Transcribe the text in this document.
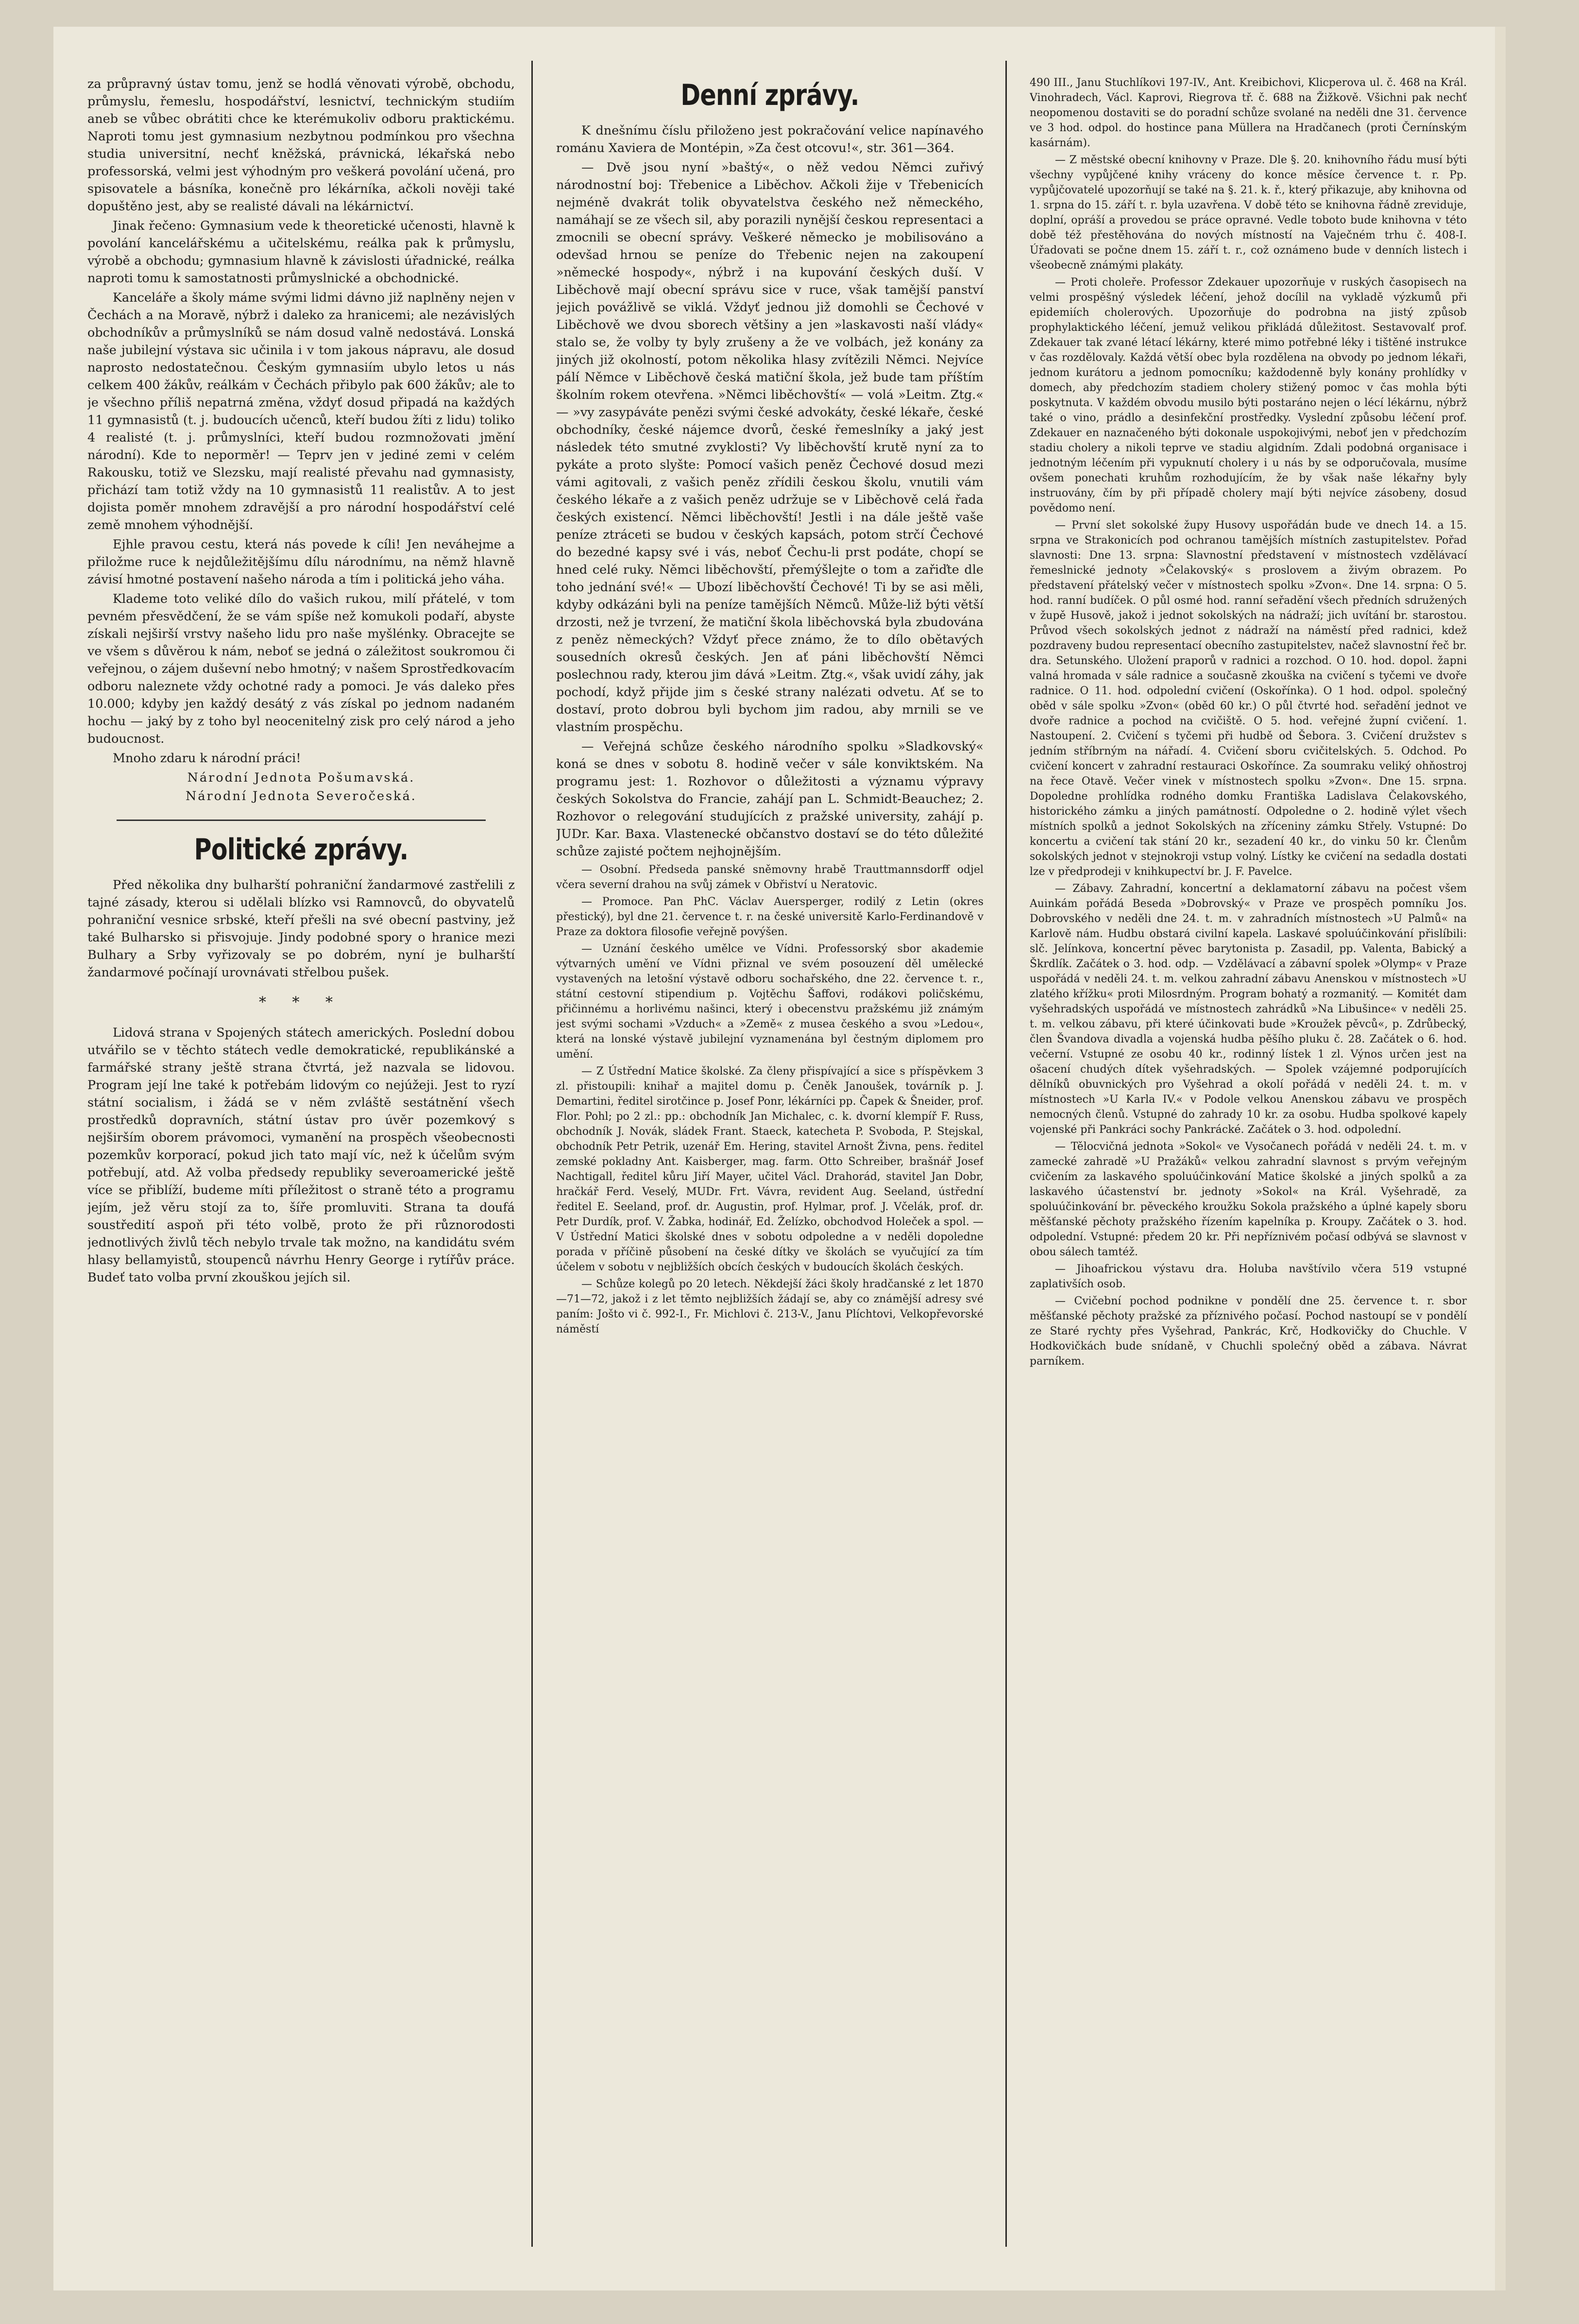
za průpravný ústav tomu, jenž se hodlá věnovati výrobě, obchodu, průmyslu, řemeslu, hospodářství, lesnictví, technickým studiím aneb se vůbec obrátiti chce ke kterémukoliv odboru praktickému. Naproti tomu jest gymnasium nezbytnou podmínkou pro všechna studia universitní, nechť kněžská, právnická, lékařská nebo professorská, velmi jest výhodným pro veškerá povolání učená, pro spisovatele a básníka, konečně pro lékárníka, ačkoli nověji také dopuštěno jest, aby se realisté dávali na lékárnictví.

Jinak řečeno: Gymnasium vede k theoretické učenosti, hlavně k povolání kancelářskému a učitelskému, reálka pak k průmyslu, výrobě a obchodu; gymnasium hlavně k závislosti úřadnické, reálka naproti tomu k samostatnosti průmyslnické a obchodnické.

Kanceláře a školy máme svými lidmi dávno již naplněny nejen v Čechách a na Moravě, nýbrž i daleko za hranicemi; ale nezávislých obchodníkův a průmyslníků se nám dosud valně nedostává. Lonská naše jubilejní výstava sic učinila i v tom jakous nápravu, ale dosud naprosto nedostatečnou. Českým gymnasiím ubylo letos u nás celkem 400 žákův, reálkám v Čechách přibylo pak 600 žákův; ale to je všechno příliš nepatrná změna, vždyť dosud připadá na každých 11 gymnasistů (t. j. budoucích učenců, kteří budou žíti z lidu) toliko 4 realisté (t. j. průmyslníci, kteří budou rozmnožovati jmění národní). Kde to neporměr! — Teprv jen v jediné zemi v celém Rakousku, totiž ve Slezsku, mají realisté převahu nad gymnasisty, přichází tam totiž vždy na 10 gymnasistů 11 realistův. A to jest dojista poměr mnohem zdravější a pro národní hospodářství celé země mnohem výhodnější.

Ejhle pravou cestu, která nás povede k cíli! Jen neváhejme a přiložme ruce k nejdůležitějšímu dílu národnímu, na němž hlavně závisí hmotné postavení našeho národa a tím i politická jeho váha.

Klademe toto veliké dílo do vašich rukou, milí přátelé, v tom pevném přesvědčení, že se vám spíše než komukoli podaří, abyste získali nejširší vrstvy našeho lidu pro naše myšlénky. Obracejte se ve všem s důvěrou k nám, neboť se jedná o záležitost soukromou či veřejnou, o zájem duševní nebo hmotný; v našem Sprostředkovacím odboru naleznete vždy ochotné rady a pomoci. Je vás daleko přes 10.000; kdyby jen každý desátý z vás získal po jednom nadaném hochu — jaký by z toho byl neocenitelný zisk pro celý národ a jeho budoucnost.

Mnoho zdaru k národní práci!

Národní Jednota Pošumavská.

Národní Jednota Severočeská.

Politické zprávy.

Před několika dny bulharští pohraniční žandarmové zastřelili z tajné zásady, kterou si udělali blízko vsi Ramnovců, do obyvatelů pohraniční vesnice srbské, kteří přešli na své obecní pastviny, jež také Bulharsko si přisvojuje. Jindy podobné spory o hranice mezi Bulhary a Srby vyřizovaly se po dobrém, nyní je bulharští žandarmové počínají urovnávati střelbou pušek.

* * *

Lidová strana v Spojených státech amerických. Poslední dobou utvářilo se v těchto státech vedle demokratické, republikánské a farmářské strany ještě strana čtvrtá, jež nazvala se lidovou. Program její lne také k potřebám lidovým co nejúžeji. Jest to ryzí státní socialism, i žádá se v něm zvláště sestátnění všech prostředků dopravních, státní ústav pro úvěr pozemkový s nejširším oborem právomoci, vymanění na prospěch všeobecnosti pozemkův korporací, pokud jich tato mají víc, než k účelům svým potřebují, atd. Až volba předsedy republiky severoamerické ještě více se přiblíží, budeme míti příležitost o straně této a programu jejím, jež věru stojí za to, šíře promluviti. Strana ta doufá soustředití aspoň při této volbě, proto že při různorodosti jednotlivých živlů těch nebylo trvale tak možno, na kandidátu svém hlasy bellamyistů, stoupenců návrhu Henry George i rytířův práce. Budeť tato volba první zkouškou jejích sil.

Denní zprávy.

K dnešnímu číslu přiloženo jest pokračování velice napínavého románu Xaviera de Montépin, »Za čest otcovu!«, str. 361—364.

— Dvě jsou nyní »baštý«, o něž vedou Němci zuřivý národnostní boj: Třebenice a Liběchov. Ačkoli žije v Třebenicích nejméně dvakrát tolik obyvatelstva českého než německého, namáhají se ze všech sil, aby porazili nynější českou representaci a zmocnili se obecní správy. Veškeré německo je mobilisováno a odevšad hrnou se peníze do Třebenic nejen na zakoupení »německé hospody«, nýbrž i na kupování českých duší. V Liběchově mají obecní správu sice v ruce, však tamější panství jejich povážlivě se viklá. Vždyť jednou již domohli se Čechové v Liběchově we dvou sborech většiny a jen »laskavosti naší vlády« stalo se, že volby ty byly zrušeny a že ve volbách, jež konány za jiných již okolností, potom několika hlasy zvítězili Němci. Nejvíce pálí Němce v Liběchově česká matiční škola, jež bude tam příštím školním rokem otevřena. »Němci liběchovští« — volá »Leitm. Ztg.« — »vy zasypáváte penězi svými české advokáty, české lékaře, české obchodníky, české nájemce dvorů, české řemeslníky a jaký jest následek této smutné zvyklosti? Vy liběchovští krutě nyní za to pykáte a proto slyšte: Pomocí vašich peněz Čechové dosud mezi vámi agitovali, z vašich peněz zřídili českou školu, vnutili vám českého lékaře a z vašich peněz udržuje se v Liběchově celá řada českých existencí. Němci liběchovští! Jestli i na dále ještě vaše peníze ztráceti se budou v českých kapsách, potom strčí Čechové do bezedné kapsy své i vás, neboť Čechu-li prst podáte, chopí se hned celé ruky. Němci liběchovští, přemýšlejte o tom a zařiďte dle toho jednání své!« — Ubozí liběchovští Čechové! Ti by se asi měli, kdyby odkázáni byli na peníze tamějších Němců. Může-liž býti větší drzosti, než je tvrzení, že matiční škola liběchovská byla zbudována z peněz německých? Vždyť přece známo, že to dílo obětavých sousedních okresů českých. Jen ať páni liběchovští Němci poslechnou rady, kterou jim dává »Leitm. Ztg.«, však uvidí záhy, jak pochodí, když přijde jim s české strany nalézati odvetu. Ať se to dostaví, proto dobrou byli bychom jim radou, aby mrnili se ve vlastním prospěchu.

— Veřejná schůze českého národního spolku »Sladkovský« koná se dnes v sobotu 8. hodině večer v sále konviktském. Na programu jest: 1. Rozhovor o důležitosti a významu výpravy českých Sokolstva do Francie, zahájí pan L. Schmidt-Beauchez; 2. Rozhovor o relegování studujících z pražské university, zahájí p. JUDr. Kar. Baxa. Vlastenecké občanstvo dostaví se do této důležité schůze zajisté počtem nejhojnějším.

— Osobní. Předseda panské sněmovny hrabě Trauttmannsdorff odjel včera severní drahou na svůj zámek v Obřiství u Neratovic.

— Promoce. Pan PhC. Václav Auersperger, rodilý z Letin (okres přestický), byl dne 21. července t. r. na české universitě Karlo-Ferdinandově v Praze za doktora filosofie veřejně povýšen.

— Uznání českého umělce ve Vídni. Professorský sbor akademie výtvarných umění ve Vídni přiznal ve svém posouzení děl umělecké vystavených na letošní výstavě odboru sochařského, dne 22. července t. r., státní cestovní stipendium p. Vojtěchu Šaffovi, rodákovi poličskému, přičinnému a horlivému našinci, který i obecenstvu pražskému již známým jest svými sochami »Vzduch« a »Země« z musea českého a svou »Ledou«, která na lonské výstavě jubilejní vyznamenána byl čestným diplomem pro umění.

— Z Ústřední Matice školské. Za členy přispívající a sice s příspěvkem 3 zl. přistoupili: knihař a majitel domu p. Čeněk Janoušek, továrník p. J. Demartini, ředitel sirotčince p. Josef Ponr, lékárníci pp. Čapek & Šneider, prof. Flor. Pohl; po 2 zl.: pp.: obchodník Jan Michalec, c. k. dvorní klempíř F. Russ, obchodník J. Novák, sládek Frant. Staeck, katecheta P. Svoboda, P. Stejskal, obchodník Petr Petrik, uzenář Em. Hering, stavitel Arnošt Živna, pens. ředitel zemské pokladny Ant. Kaisberger, mag. farm. Otto Schreiber, brašnář Josef Nachtigall, ředitel kůru Jiří Mayer, učitel Václ. Drahorád, stavitel Jan Dobr, hračkář Ferd. Veselý, MUDr. Frt. Vávra, revident Aug. Seeland, ústřední ředitel E. Seeland, prof. dr. Augustin, prof. Hylmar, prof. J. Včelák, prof. dr. Petr Durdík, prof. V. Žabka, hodinář, Ed. Želízko, obchodvod Holeček a spol. — V Ústřední Matici školské dnes v sobotu odpoledne a v neděli dopoledne porada v příčině působení na české dítky ve školách se vyučující za tím účelem v sobotu v nejbližších obcích českých v budoucích školách českých.

— Schůze kolegů po 20 letech. Někdejší žáci školy hradčanské z let 1870—71—72, jakož i z let těmto nejbližších žádají se, aby co známější adresy své paním: Jošto vi č. 992-I., Fr. Michlovi č. 213-V., Janu Plíchtovi, Velkopřevorské náměstí

490 III., Janu Stuchlíkovi 197-IV., Ant. Kreibichovi, Klicperova ul. č. 468 na Král. Vinohradech, Václ. Kaprovi, Riegrova tř. č. 688 na Žižkově. Všichni pak nechť neopomenou dostaviti se do poradní schůze svolané na neděli dne 31. července ve 3 hod. odpol. do hostince pana Müllera na Hradčanech (proti Černínským kasárnám).

— Z městské obecní knihovny v Praze. Dle §. 20. knihovního řádu musí býti všechny vypůjčené knihy vráceny do konce měsíce července t. r. Pp. vypůjčovatelé upozorňují se také na §. 21. k. ř., který přikazuje, aby knihovna od 1. srpna do 15. září t. r. byla uzavřena. V době této se knihovna řádně zreviduje, doplní, opráší a provedou se práce opravné. Vedle toboto bude knihovna v této době též přestěhována do nových místností na Vaječném trhu č. 408-I. Úřadovati se počne dnem 15. září t. r., což oznámeno bude v denních listech i všeobecně známými plakáty.

— Proti choleře. Professor Zdekauer upozorňuje v ruských časopisech na velmi prospěšný výsledek léčení, jehož docílil na vykladě výzkumů při epidemiích cholerových. Upozorňuje do podrobna na jistý způsob prophylaktického léčení, jemuž velikou přikládá důležitost. Sestavovalť prof. Zdekauer tak zvané létací lékárny, které mimo potřebné léky i tištěné instrukce v čas rozdělovaly. Každá větší obec byla rozdělena na obvody po jednom lékaři, jednom kurátoru a jednom pomocníku; každodenně byly konány prohlídky v domech, aby předchozím stadiem cholery stižený pomoc v čas mohla býti poskytnuta. V každém obvodu musilo býti postaráno nejen o lécí lékárnu, nýbrž také o vino, prádlo a desinfekční prostředky. Vyslední způsobu léčení prof. Zdekauer en naznačeného býti dokonale uspokojivými, neboť jen v předchozím stadiu cholery a nikoli teprve ve stadiu algidním. Zdali podobná organisace i jednotným léčením při vypuknutí cholery i u nás by se odporučovala, musíme ovšem ponechati kruhům rozhodujícím, že by však naše lékařny byly instruovány, čím by při případě cholery mají býti nejvíce zásobeny, dosud povědomo není.

— První slet sokolské župy Husovy uspořádán bude ve dnech 14. a 15. srpna ve Strakonicích pod ochranou tamějších místních zastupitelstev. Pořad slavnosti: Dne 13. srpna: Slavnostní představení v místnostech vzdělávací řemeslnické jednoty »Čelakovský« s proslovem a živým obrazem. Po představení přátelský večer v místnostech spolku »Zvon«. Dne 14. srpna: O 5. hod. ranní budíček. O půl osmé hod. ranní seřadění všech předních sdružených v župě Husově, jakož i jednot sokolských na nádraží; jich uvítání br. starostou. Průvod všech sokolských jednot z nádraží na náměstí před radnici, kdež pozdraveny budou representací obecního zastupitelstev, načež slavnostní řeč br. dra. Setunského. Uložení praporů v radnici a rozchod. O 10. hod. dopol. žapni valná hromada v sále radnice a současně zkouška na cvičení s tyčemi ve dvoře radnice. O 11. hod. odpolední cvičení (Oskořínka). O 1 hod. odpol. společný oběd v sále spolku »Zvon« (oběd 60 kr.) O půl čtvrté hod. seřadění jednot ve dvoře radnice a pochod na cvičiště. O 5. hod. veřejné župní cvičení. 1. Nastoupení. 2. Cvičení s tyčemi při hudbě od Šebora. 3. Cvičení družstev s jedním stříbrným na nářadí. 4. Cvičení sboru cvičitelských. 5. Odchod. Po cvičení koncert v zahradní restauraci Oskořínce. Za soumraku veliký ohňostroj na řece Otavě. Večer vinek v místnostech spolku »Zvon«. Dne 15. srpna. Dopoledne prohlídka rodného domku Františka Ladislava Čelakovského, historického zámku a jiných památností. Odpoledne o 2. hodině výlet všech místních spolků a jednot Sokolských na zříceniny zámku Střely. Vstupné: Do koncertu a cvičení tak stání 20 kr., sezadení 40 kr., do vinku 50 kr. Členům sokolských jednot v stejnokroji vstup volný. Lístky ke cvičení na sedadla dostati lze v předprodeji v knihkupectví br. J. F. Pavelce.

— Zábavy. Zahradní, koncertní a deklamatorní zábavu na počest všem Auinkám pořádá Beseda »Dobrovský« v Praze ve prospěch pomníku Jos. Dobrovského v neděli dne 24. t. m. v zahradních místnostech »U Palmů« na Karlově nám. Hudbu obstará civilní kapela. Laskavé spoluúčinkování přislíbili: slč. Jelínkova, koncertní pěvec barytonista p. Zasadil, pp. Valenta, Babický a Škrdlík. Začátek o 3. hod. odp. — Vzdělávací a zábavní spolek »Olymp« v Praze uspořádá v neděli 24. t. m. velkou zahradní zábavu Anenskou v místnostech »U zlatého křížku« proti Milosrdným. Program bohatý a rozmanitý. — Komitét dam vyšehradských uspořádá ve místnostech zahrádků »Na Libušince« v neděli 25. t. m. velkou zábavu, při které účinkovati bude »Kroužek pěvců«, p. Zdrůbecký, člen Švandova divadla a vojenská hudba pěšího pluku č. 28. Začátek o 6. hod. večerní. Vstupné ze osobu 40 kr., rodinný lístek 1 zl. Výnos určen jest na ošacení chudých dítek vyšehradských. — Spolek vzájemné podporujících dělníků obuvnických pro Vyšehrad a okolí pořádá v neděli 24. t. m. v místnostech »U Karla IV.« v Podole velkou Anenskou zábavu ve prospěch nemocných členů. Vstupné do zahrady 10 kr. za osobu. Hudba spolkové kapely vojenské při Pankráci sochy Pankrácké. Začátek o 3. hod. odpolední.

— Tělocvičná jednota »Sokol« ve Vysočanech pořádá v neděli 24. t. m. v zamecké zahradě »U Pražáků« velkou zahradní slavnost s prvým veřejným cvičením za laskavého spoluúčinkování Matice školské a jiných spolků a za laskavého účastenství br. jednoty »Sokol« na Král. Vyšehradě, za spoluúčinkování br. pěveckého kroužku Sokola pražského a úplné kapely sboru měšťanské pěchoty pražského řízením kapelníka p. Kroupy. Začátek o 3. hod. odpolední. Vstupné: předem 20 kr. Při nepříznivém počasí odbývá se slavnost v obou sálech tamtéž.

— Jihoafrickou výstavu dra. Holuba navštívilo včera 519 vstupné zaplativších osob.

— Cvičební pochod podnikne v pondělí dne 25. července t. r. sbor měšťanské pěchoty pražské za příznivého počasí. Pochod nastoupí se v pondělí ze Staré rychty přes Vyšehrad, Pankrác, Krč, Hodkovičky do Chuchle. V Hodkovičkách bude snídaně, v Chuchli společný oběd a zábava. Návrat parníkem.
